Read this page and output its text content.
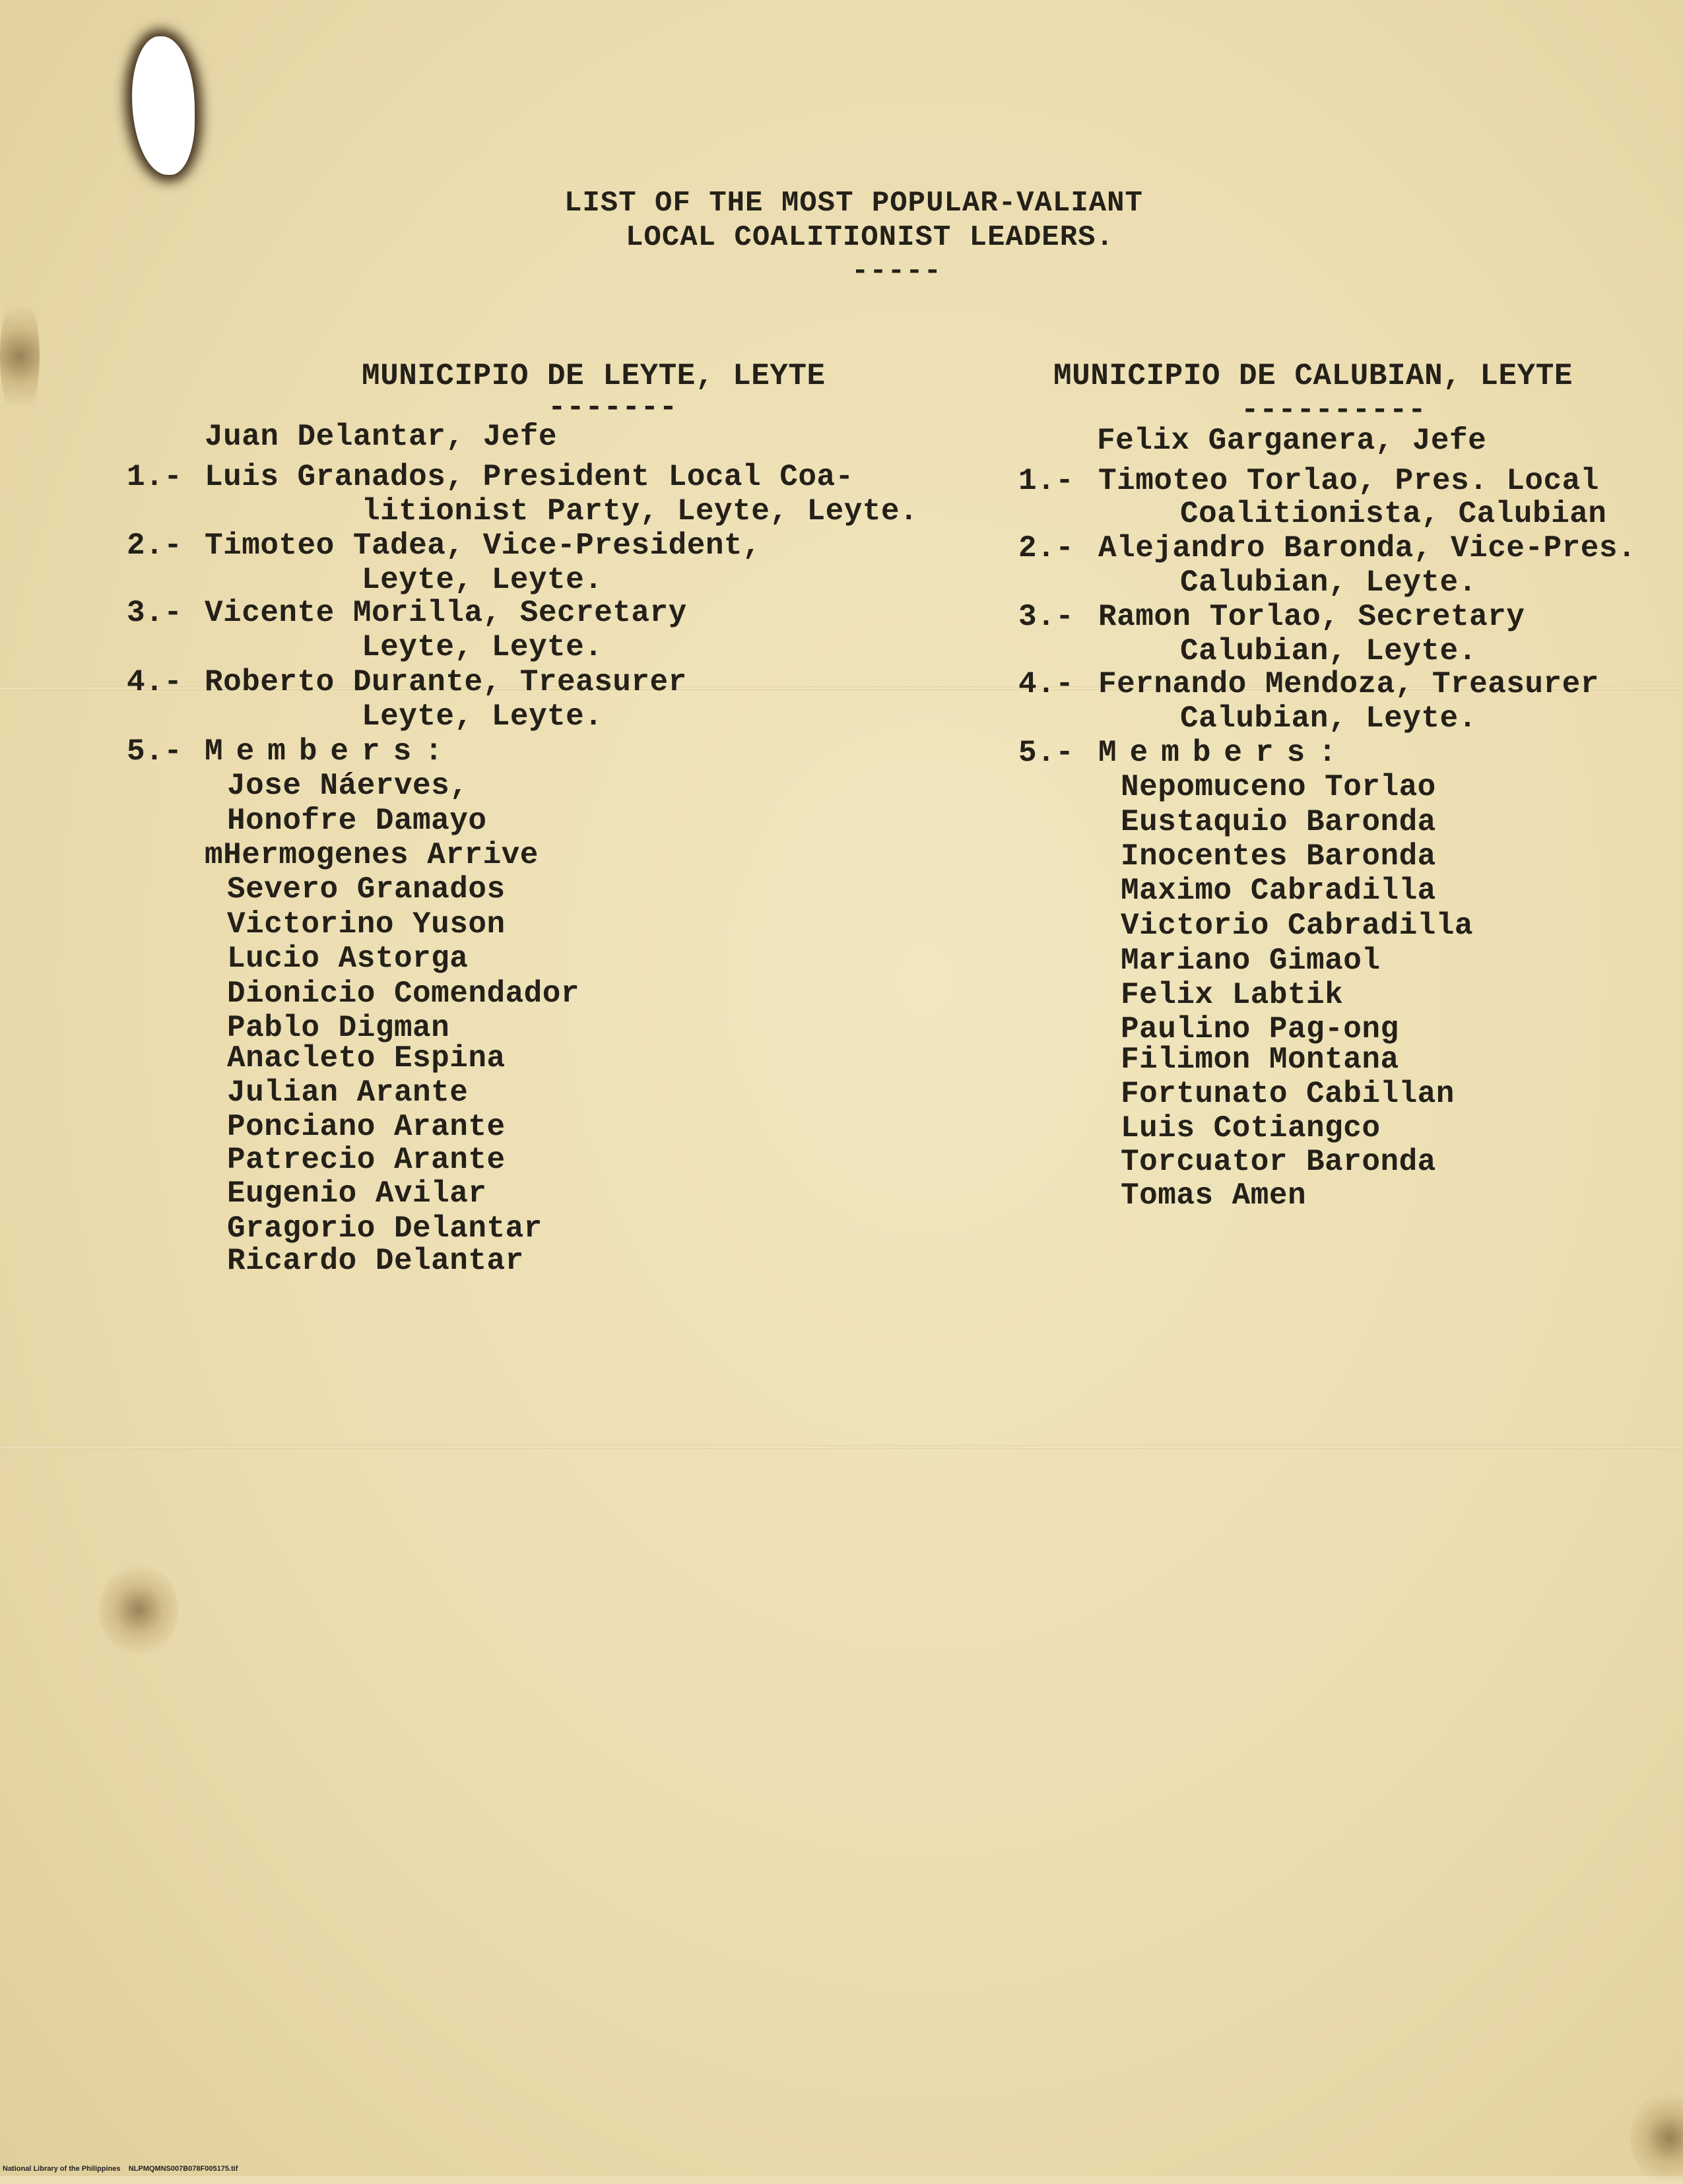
LIST OF THE MOST POPULAR-VALIANT
LOCAL COALITIONIST LEADERS.
-----
MUNICIPIO DE LEYTE, LEYTE
-------
Juan Delantar, Jefe
1.- Luis Granados, President Local Coa-
litionist Party, Leyte, Leyte.
2.- Timoteo Tadea, Vice-President,
Leyte, Leyte.
3.- Vicente Morilla, Secretary
Leyte, Leyte.
4.- Roberto Durante, Treasurer
Leyte, Leyte.
5.- Members:
Jose Náerves,
Honofre Damayo
mHermogenes Arrive
Severo Granados
Victorino Yuson
Lucio Astorga
Dionicio Comendador
Pablo Digman
Anacleto Espina
Julian Arante
Ponciano Arante
Patrecio Arante
Eugenio Avilar
Gragorio Delantar
Ricardo Delantar
MUNICIPIO DE CALUBIAN, LEYTE
----------
Felix Garganera, Jefe
1.- Timoteo Torlao, Pres. Local
Coalitionista, Calubian
2.- Alejandro Baronda, Vice-Pres.
Calubian, Leyte.
3.- Ramon Torlao, Secretary
Calubian, Leyte.
4.- Fernando Mendoza, Treasurer
Calubian, Leyte.
5.- Members:
Nepomuceno Torlao
Eustaquio Baronda
Inocentes Baronda
Maximo Cabradilla
Victorio Cabradilla
Mariano Gimaol
Felix Labtik
Paulino Pag-ong
Filimon Montana
Fortunato Cabillan
Luis Cotiangco
Torcuator Baronda
Tomas Amen
National Library of the Philippines NLPMQMNS007B078F005175.tif
